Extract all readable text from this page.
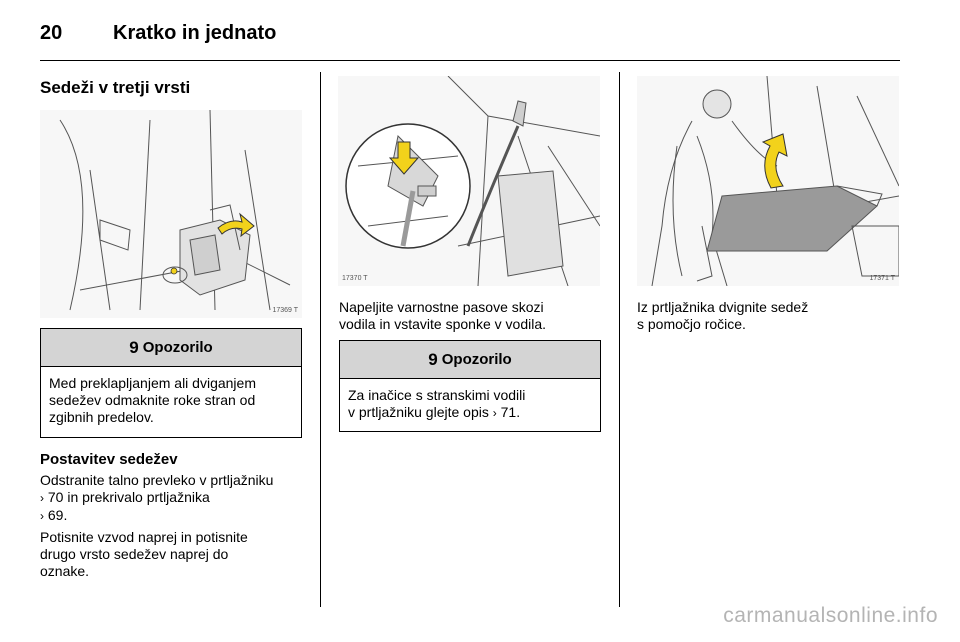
20	Kratko in jednato
Sedeži v tretji vrsti
17369 T
9 Opozorilo
Med preklapljanjem ali dviganjem
sedežev odmaknite roke stran od
zgibnih predelov.
Postavitev sedežev
Odstranite talno prevleko v prtljažniku
› 70 in prekrivalo prtljažnika
› 69.
Potisnite vzvod naprej in potisnite
drugo vrsto sedežev naprej do
oznake.
17370 T
Napeljite varnostne pasove skozi
vodila in vstavite sponke v vodila.
9 Opozorilo
Za inačice s stranskimi vodili
v prtljažniku glejte opis › 71.
17371 T
Iz prtljažnika dvignite sedež
s pomočjo ročice.
carmanualsonline.info
